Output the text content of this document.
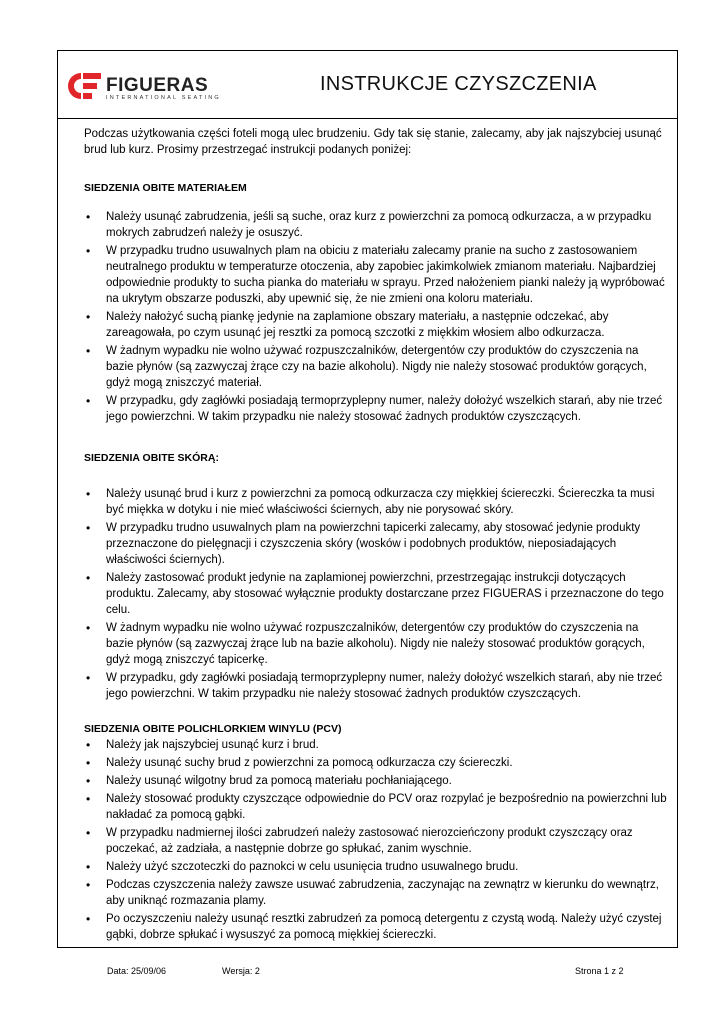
FIGUERAS
INTERNATIONAL SEATING
INSTRUKCJE CZYSZCZENIA

Podczas użytkowania części foteli mogą ulec brudzeniu. Gdy tak się stanie, zalecamy, aby jak najszybciej usunąć brud lub kurz. Prosimy przestrzegać instrukcji podanych poniżej:

SIEDZENIA OBITE MATERIAŁEM

• Należy usunąć zabrudzenia, jeśli są suche, oraz kurz z powierzchni za pomocą odkurzacza, a w przypadku mokrych zabrudzeń należy je osuszyć.
• W przypadku trudno usuwalnych plam na obiciu z materiału zalecamy pranie na sucho z zastosowaniem neutralnego produktu w temperaturze otoczenia, aby zapobiec jakimkolwiek zmianom materiału. Najbardziej odpowiednie produkty to sucha pianka do materiału w sprayu. Przed nałożeniem pianki należy ją wypróbować na ukrytym obszarze poduszki, aby upewnić się, że nie zmieni ona koloru materiału.
• Należy nałożyć suchą piankę jedynie na zaplamione obszary materiału, a następnie odczekać, aby zareagowała, po czym usunąć jej resztki za pomocą szczotki z miękkim włosiem albo odkurzacza.
• W żadnym wypadku nie wolno używać rozpuszczalników, detergentów czy produktów do czyszczenia na bazie płynów (są zazwyczaj żrące czy na bazie alkoholu). Nigdy nie należy stosować produktów gorących, gdyż mogą zniszczyć materiał.
• W przypadku, gdy zagłówki posiadają termoprzyplepny numer, należy dołożyć wszelkich starań, aby nie trzeć jego powierzchni. W takim przypadku nie należy stosować żadnych produktów czyszczących.

SIEDZENIA OBITE SKÓRĄ:

• Należy usunąć brud i kurz z powierzchni za pomocą odkurzacza czy miękkiej ściereczki. Ściereczka ta musi być miękka w dotyku i nie mieć właściwości ściernych, aby nie porysować skóry.
• W przypadku trudno usuwalnych plam na powierzchni tapicerki zalecamy, aby stosować jedynie produkty przeznaczone do pielęgnacji i czyszczenia skóry (wosków i podobnych produktów, nieposiadających właściwości ściernych).
• Należy zastosować produkt jedynie na zaplamionej powierzchni, przestrzegając instrukcji dotyczących produktu. Zalecamy, aby stosować wyłącznie produkty dostarczane przez FIGUERAS i przeznaczone do tego celu.
• W żadnym wypadku nie wolno używać rozpuszczalników, detergentów czy produktów do czyszczenia na bazie płynów (są zazwyczaj żrące lub na bazie alkoholu). Nigdy nie należy stosować produktów gorących, gdyż mogą zniszczyć tapicerkę.
• W przypadku, gdy zagłówki posiadają termoprzyplepny numer, należy dołożyć wszelkich starań, aby nie trzeć jego powierzchni. W takim przypadku nie należy stosować żadnych produktów czyszczących.

SIEDZENIA OBITE POLICHLORKIEM WINYLU (PCV)

• Należy jak najszybciej usunąć kurz i brud.
• Należy usunąć suchy brud z powierzchni za pomocą odkurzacza czy ściereczki.
• Należy usunąć wilgotny brud za pomocą materiału pochłaniającego.
• Należy stosować produkty czyszczące odpowiednie do PCV oraz rozpylać je bezpośrednio na powierzchni lub nakładać za pomocą gąbki.
• W przypadku nadmiernej ilości zabrudzeń należy zastosować nierozcieńczony produkt czyszczący oraz poczekać, aż zadziała, a następnie dobrze go spłukać, zanim wyschnie.
• Należy użyć szczoteczki do paznokci w celu usunięcia trudno usuwalnego brudu.
• Podczas czyszczenia należy zawsze usuwać zabrudzenia, zaczynając na zewnątrz w kierunku do wewnątrz, aby uniknąć rozmazania plamy.
• Po oczyszczeniu należy usunąć resztki zabrudzeń za pomocą detergentu z czystą wodą. Należy użyć czystej gąbki, dobrze spłukać i wysuszyć za pomocą miękkiej ściereczki.
Data: 25/09/06	Wersja: 2	Strona 1 z 2
